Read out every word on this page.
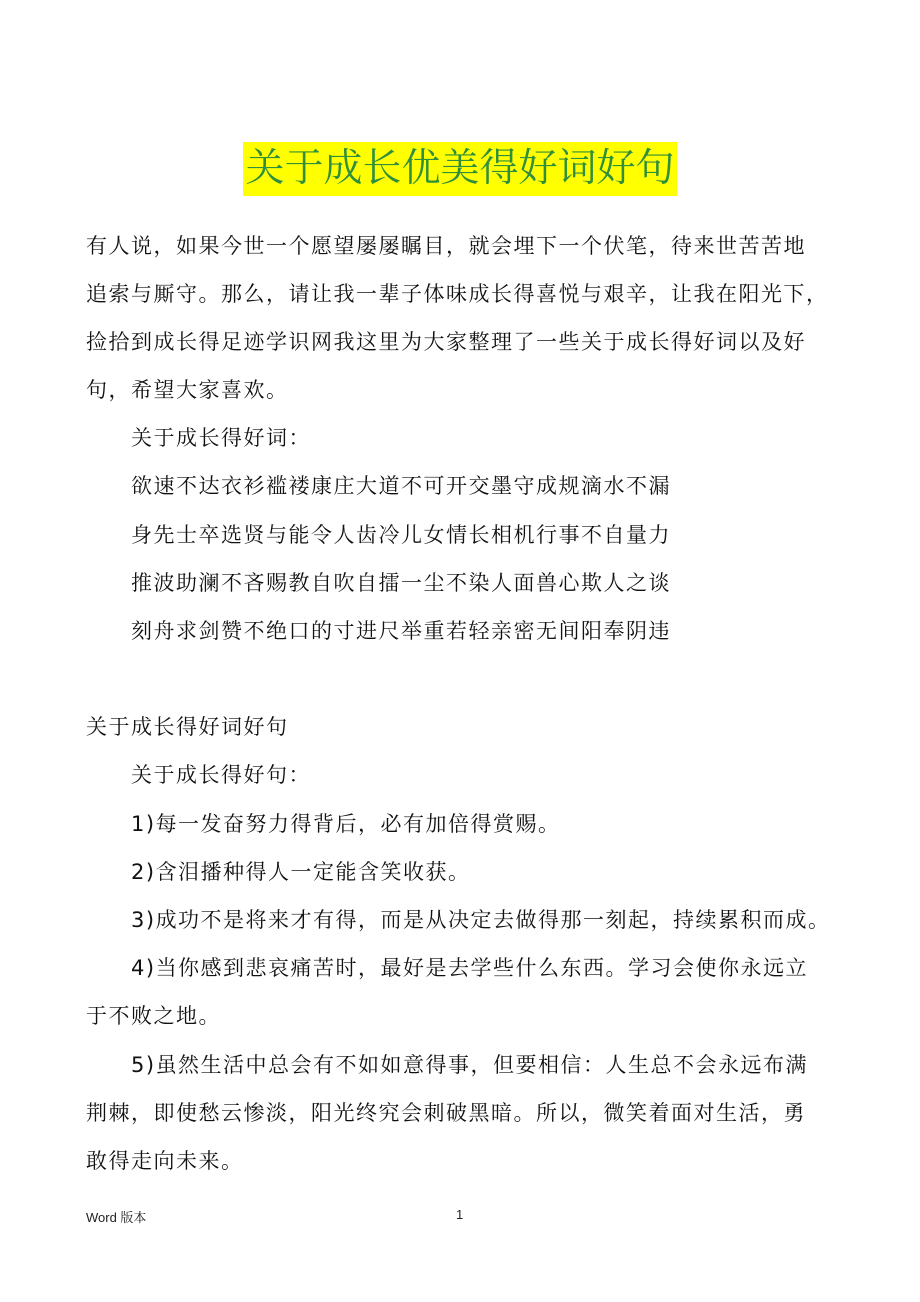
关于成长优美得好词好句
有人说，如果今世一个愿望屡屡瞩目，就会埋下一个伏笔，待来世苦苦地
追索与厮守。那么，请让我一辈子体味成长得喜悦与艰辛，让我在阳光下，
捡拾到成长得足迹学识网我这里为大家整理了一些关于成长得好词以及好
句，希望大家喜欢。
关于成长得好词：
欲速不达衣衫褴褛康庄大道不可开交墨守成规滴水不漏
身先士卒选贤与能令人齿冷儿女情长相机行事不自量力
推波助澜不吝赐教自吹自擂一尘不染人面兽心欺人之谈
刻舟求剑赞不绝口的寸进尺举重若轻亲密无间阳奉阴违
关于成长得好词好句
关于成长得好句：
1)每一发奋努力得背后，必有加倍得赏赐。
2)含泪播种得人一定能含笑收获。
3)成功不是将来才有得，而是从决定去做得那一刻起，持续累积而成。
4)当你感到悲哀痛苦时，最好是去学些什么东西。学习会使你永远立
于不败之地。
5)虽然生活中总会有不如如意得事，但要相信：人生总不会永远布满
荆棘，即使愁云惨淡，阳光终究会刺破黑暗。所以，微笑着面对生活，勇
敢得走向未来。
Word 版本	1
